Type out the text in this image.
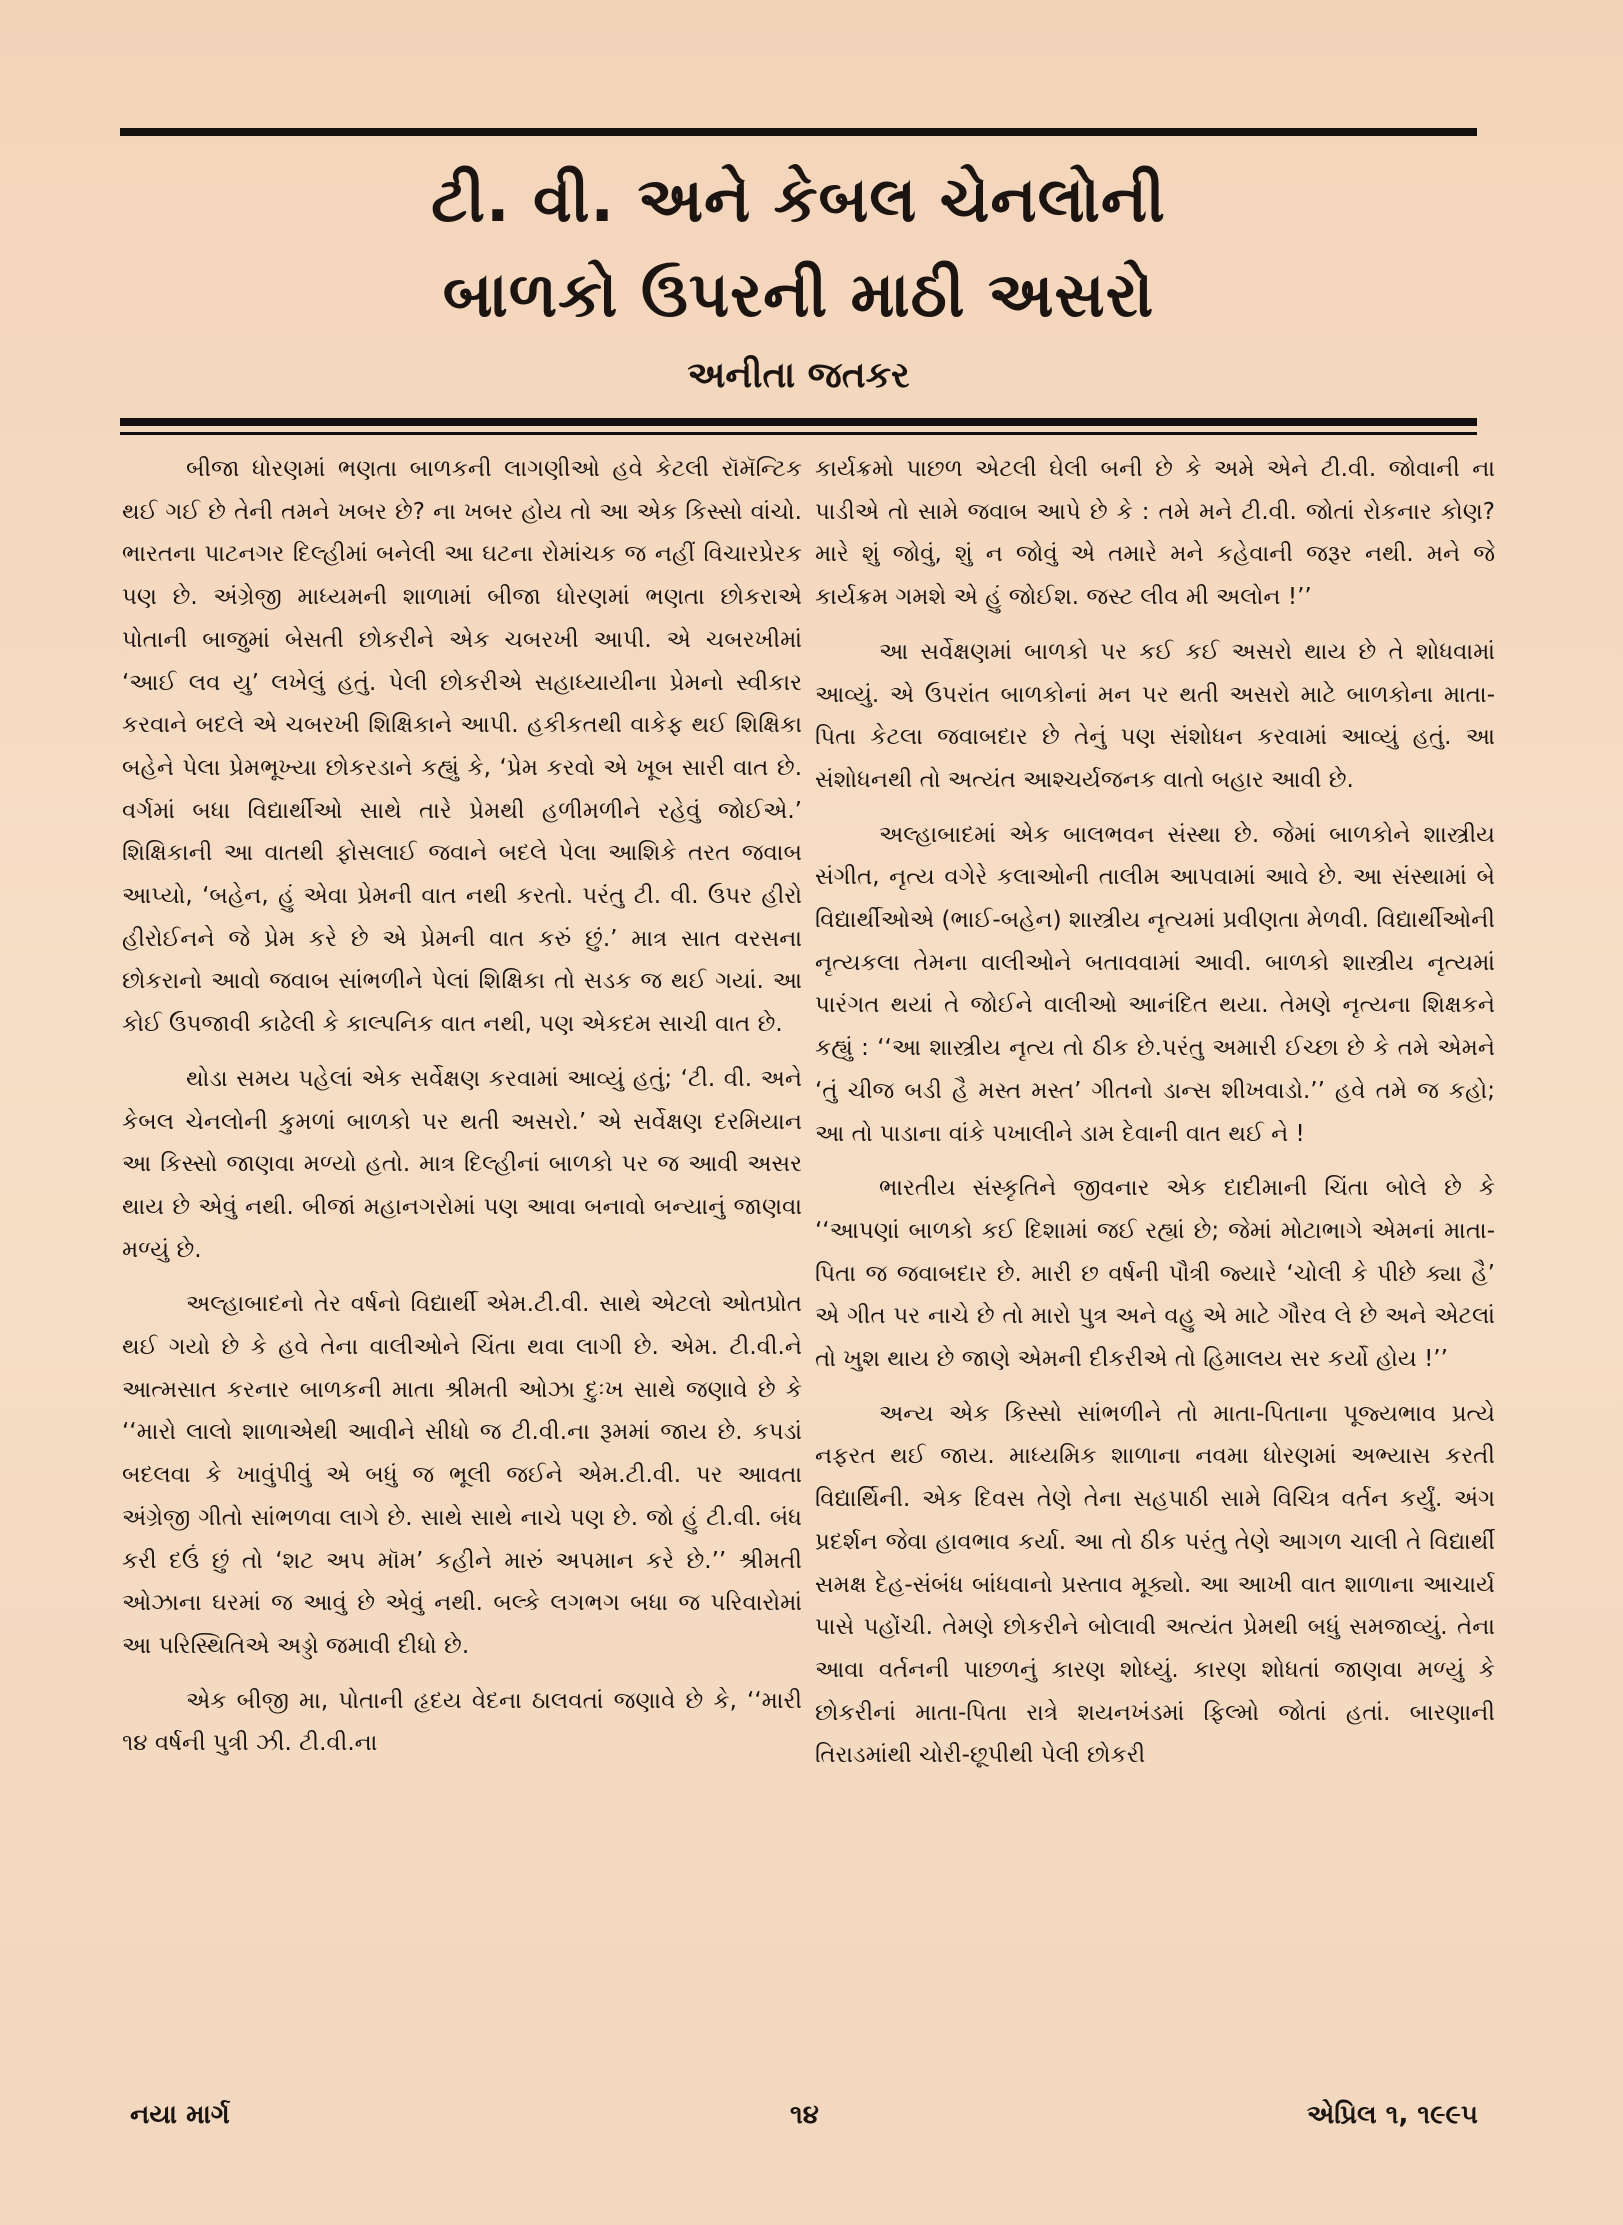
ટી. વી. અને કેબલ ચેનલોની
બાળકો ઉપરની માઠી અસરો
અનીતા જતકર

બીજા ધોરણમાં ભણતા બાળકની લાગણીઓ હવે કેટલી રૉમૅન્ટિક થઈ ગઈ છે તેની તમને ખબર છે? ના ખબર હોય તો આ એક કિસ્સો વાંચો. ભારતના પાટનગર દિલ્હીમાં બનેલી આ ઘટના રોમાંચક જ નહીં વિચારપ્રેરક પણ છે. અંગ્રેજી માધ્યમની શાળામાં બીજા ધોરણમાં ભણતા છોકરાએ પોતાની બાજુમાં બેસતી છોકરીને એક ચબરખી આપી. એ ચબરખીમાં ‘આઈ લવ યુ’ લખેલું હતું. પેલી છોકરીએ સહાધ્યાયીના પ્રેમનો સ્વીકાર કરવાને બદલે એ ચબરખી શિક્ષિકાને આપી. હકીકતથી વાકેફ થઈ શિક્ષિકા બહેને પેલા પ્રેમભૂખ્યા છોકરડાને કહ્યું કે, ‘પ્રેમ કરવો એ ખૂબ સારી વાત છે. વર્ગમાં બધા વિદ્યાર્થીઓ સાથે તારે પ્રેમથી હળીમળીને રહેવું જોઈએ.’ શિક્ષિકાની આ વાતથી ફોસલાઈ જવાને બદલે પેલા આશિકે તરત જવાબ આપ્યો, ‘બહેન, હું એવા પ્રેમની વાત નથી કરતો. પરંતુ ટી. વી. ઉપર હીરો હીરોઈનને જે પ્રેમ કરે છે એ પ્રેમની વાત કરું છું.’ માત્ર સાત વરસના છોકરાનો આવો જવાબ સાંભળીને પેલાં શિક્ષિકા તો સડક જ થઈ ગયાં. આ કોઈ ઉપજાવી કાઢેલી કે કાલ્પનિક વાત નથી, પણ એકદમ સાચી વાત છે.

થોડા સમય પહેલાં એક સર્વેક્ષણ કરવામાં આવ્યું હતું; ‘ટી. વી. અને કેબલ ચેનલોની કુમળાં બાળકો પર થતી અસરો.’ એ સર્વેક્ષણ દરમિયાન આ કિસ્સો જાણવા મળ્યો હતો. માત્ર દિલ્હીનાં બાળકો પર જ આવી અસર થાય છે એવું નથી. બીજાં મહાનગરોમાં પણ આવા બનાવો બન્યાનું જાણવા મળ્યું છે.

અલ્હાબાદનો તેર વર્ષનો વિદ્યાર્થી એમ.ટી.વી. સાથે એટલો ઓતપ્રોત થઈ ગયો છે કે હવે તેના વાલીઓને ચિંતા થવા લાગી છે. એમ. ટી.વી.ને આત્મસાત કરનાર બાળકની માતા શ્રીમતી ઓઝા દુઃખ સાથે જણાવે છે કે ‘‘મારો લાલો શાળાએથી આવીને સીધો જ ટી.વી.ના રૂમમાં જાય છે. કપડાં બદલવા કે ખાવુંપીવું એ બધું જ ભૂલી જઈને એમ.ટી.વી. પર આવતા અંગ્રેજી ગીતો સાંભળવા લાગે છે. સાથે સાથે નાચે પણ છે. જો હું ટી.વી. બંધ કરી દઉં છું તો ‘શટ અપ મૉમ’ કહીને મારું અપમાન કરે છે.’’ શ્રીમતી ઓઝાના ઘરમાં જ આવું છે એવું નથી. બલ્કે લગભગ બધા જ પરિવારોમાં આ પરિસ્થિતિએ અડ્ડો જમાવી દીધો છે.

એક બીજી મા, પોતાની હૃદય વેદના ઠાલવતાં જણાવે છે કે, ‘‘મારી ૧૪ વર્ષની પુત્રી ઝી. ટી.વી.ના

કાર્યક્રમો પાછળ એટલી ઘેલી બની છે કે અમે એને ટી.વી. જોવાની ના પાડીએ તો સામે જવાબ આપે છે કે : તમે મને ટી.વી. જોતાં રોકનાર કોણ? મારે શું જોવું, શું ન જોવું એ તમારે મને કહેવાની જરૂર નથી. મને જે કાર્યક્રમ ગમશે એ હું જોઈશ. જસ્ટ લીવ મી અલોન !’’

આ સર્વેક્ષણમાં બાળકો પર કઈ કઈ અસરો થાય છે તે શોધવામાં આવ્યું. એ ઉપરાંત બાળકોનાં મન પર થતી અસરો માટે બાળકોના માતા-પિતા કેટલા જવાબદાર છે તેનું પણ સંશોધન કરવામાં આવ્યું હતું. આ સંશોધનથી તો અત્યંત આશ્ચર્યજનક વાતો બહાર આવી છે.

અલ્હાબાદમાં એક બાલભવન સંસ્થા છે. જેમાં બાળકોને શાસ્ત્રીય સંગીત, નૃત્ય વગેરે કલાઓની તાલીમ આપવામાં આવે છે. આ સંસ્થામાં બે વિદ્યાર્થીઓએ (ભાઈ-બહેન) શાસ્ત્રીય નૃત્યમાં પ્રવીણતા મેળવી. વિદ્યાર્થીઓની નૃત્યકલા તેમના વાલીઓને બતાવવામાં આવી. બાળકો શાસ્ત્રીય નૃત્યમાં પારંગત થયાં તે જોઈને વાલીઓ આનંદિત થયા. તેમણે નૃત્યના શિક્ષકને કહ્યું : ‘‘આ શાસ્ત્રીય નૃત્ય તો ઠીક છે.પરંતુ અમારી ઈચ્છા છે કે તમે એમને ‘તું ચીજ બડી હૈ મસ્ત મસ્ત’ ગીતનો ડાન્સ શીખવાડો.’’ હવે તમે જ કહો; આ તો પાડાના વાંકે પખાલીને ડામ દેવાની વાત થઈ ને !

ભારતીય સંસ્કૃતિને જીવનાર એક દાદીમાની ચિંતા બોલે છે કે ‘‘આપણાં બાળકો કઈ દિશામાં જઈ રહ્યાં છે; જેમાં મોટાભાગે એમનાં માતા-પિતા જ જવાબદાર છે. મારી છ વર્ષની પૌત્રી જ્યારે ‘ચોલી કે પીછે ક્યા હૈ’ એ ગીત પર નાચે છે તો મારો પુત્ર અને વહુ એ માટે ગૌરવ લે છે અને એટલાં તો ખુશ થાય છે જાણે એમની દીકરીએ તો હિમાલય સર કર્યો હોય !’’

અન્ય એક કિસ્સો સાંભળીને તો માતા-પિતાના પૂજ્યભાવ પ્રત્યે નફરત થઈ જાય. માધ્યમિક શાળાના નવમા ધોરણમાં અભ્યાસ કરતી વિદ્યાર્થિની. એક દિવસ તેણે તેના સહપાઠી સામે વિચિત્ર વર્તન કર્યું. અંગ પ્રદર્શન જેવા હાવભાવ કર્યા. આ તો ઠીક પરંતુ તેણે આગળ ચાલી તે વિદ્યાર્થી સમક્ષ દેહ-સંબંધ બાંધવાનો પ્રસ્તાવ મૂક્યો. આ આખી વાત શાળાના આચાર્ય પાસે પહોંચી. તેમણે છોકરીને બોલાવી અત્યંત પ્રેમથી બધું સમજાવ્યું. તેના આવા વર્તનની પાછળનું કારણ શોધ્યું. કારણ શોધતાં જાણવા મળ્યું કે છોકરીનાં માતા-પિતા રાત્રે શયનખંડમાં ફિલ્મો જોતાં હતાં. બારણાની તિરાડમાંથી ચોરી-છૂપીથી પેલી છોકરી

નયા માર્ગ	૧૪	એપ્રિલ ૧, ૧૯૯૫
